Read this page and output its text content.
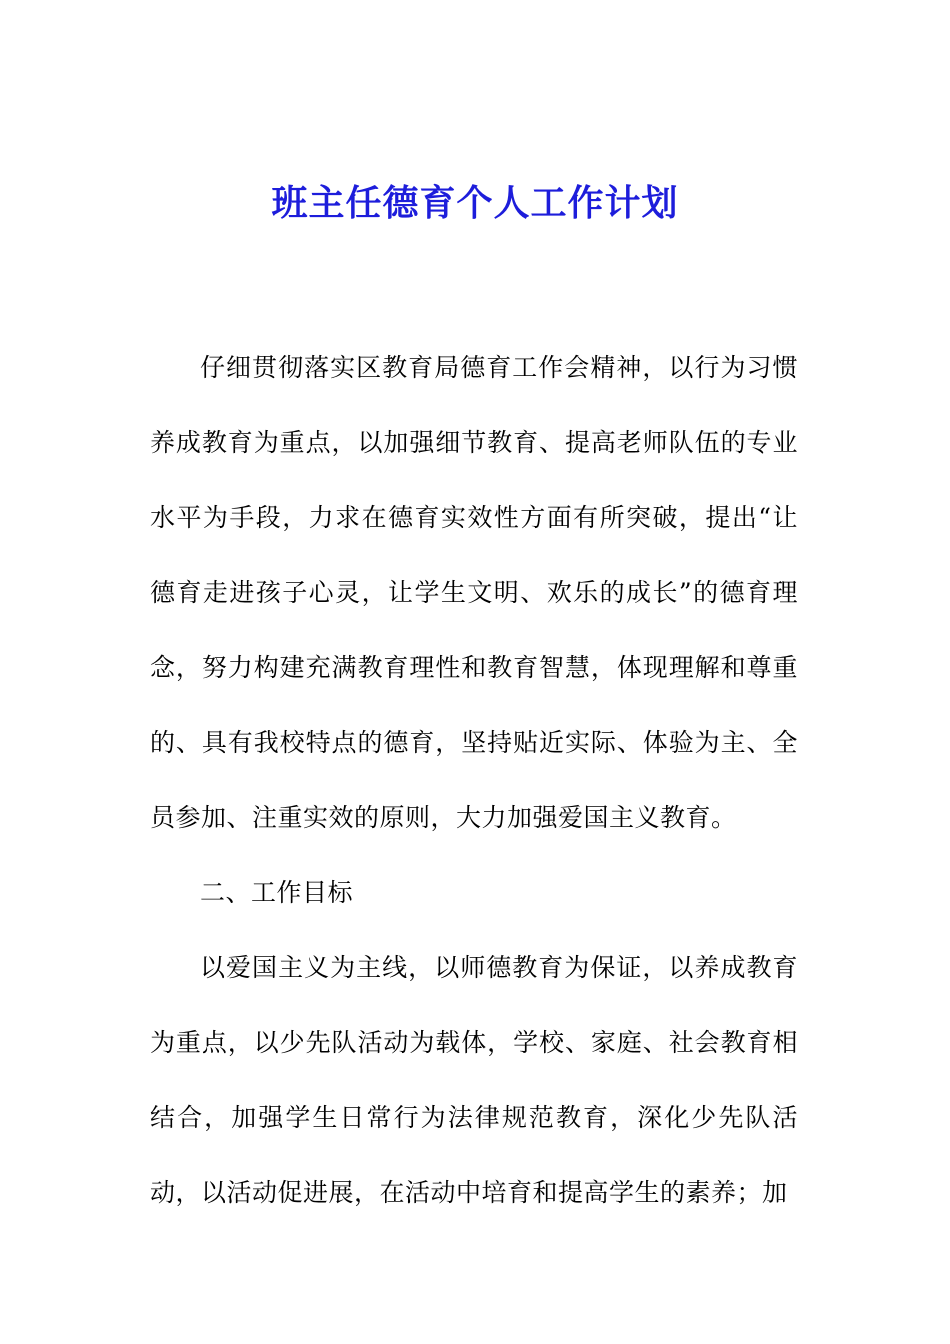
班主任德育个人工作计划

仔细贯彻落实区教育局德育工作会精神，以行为习惯养成教育为重点，以加强细节教育、提高老师队伍的专业水平为手段，力求在德育实效性方面有所突破，提出“让德育走进孩子心灵，让学生文明、欢乐的成长”的德育理念，努力构建充满教育理性和教育智慧，体现理解和尊重的、具有我校特点的德育，坚持贴近实际、体验为主、全员参加、注重实效的原则，大力加强爱国主义教育。

二、工作目标

以爱国主义为主线，以师德教育为保证，以养成教育为重点，以少先队活动为载体，学校、家庭、社会教育相结合，加强学生日常行为法律规范教育，深化少先队活动，以活动促进展，在活动中培育和提高学生的素养；加
